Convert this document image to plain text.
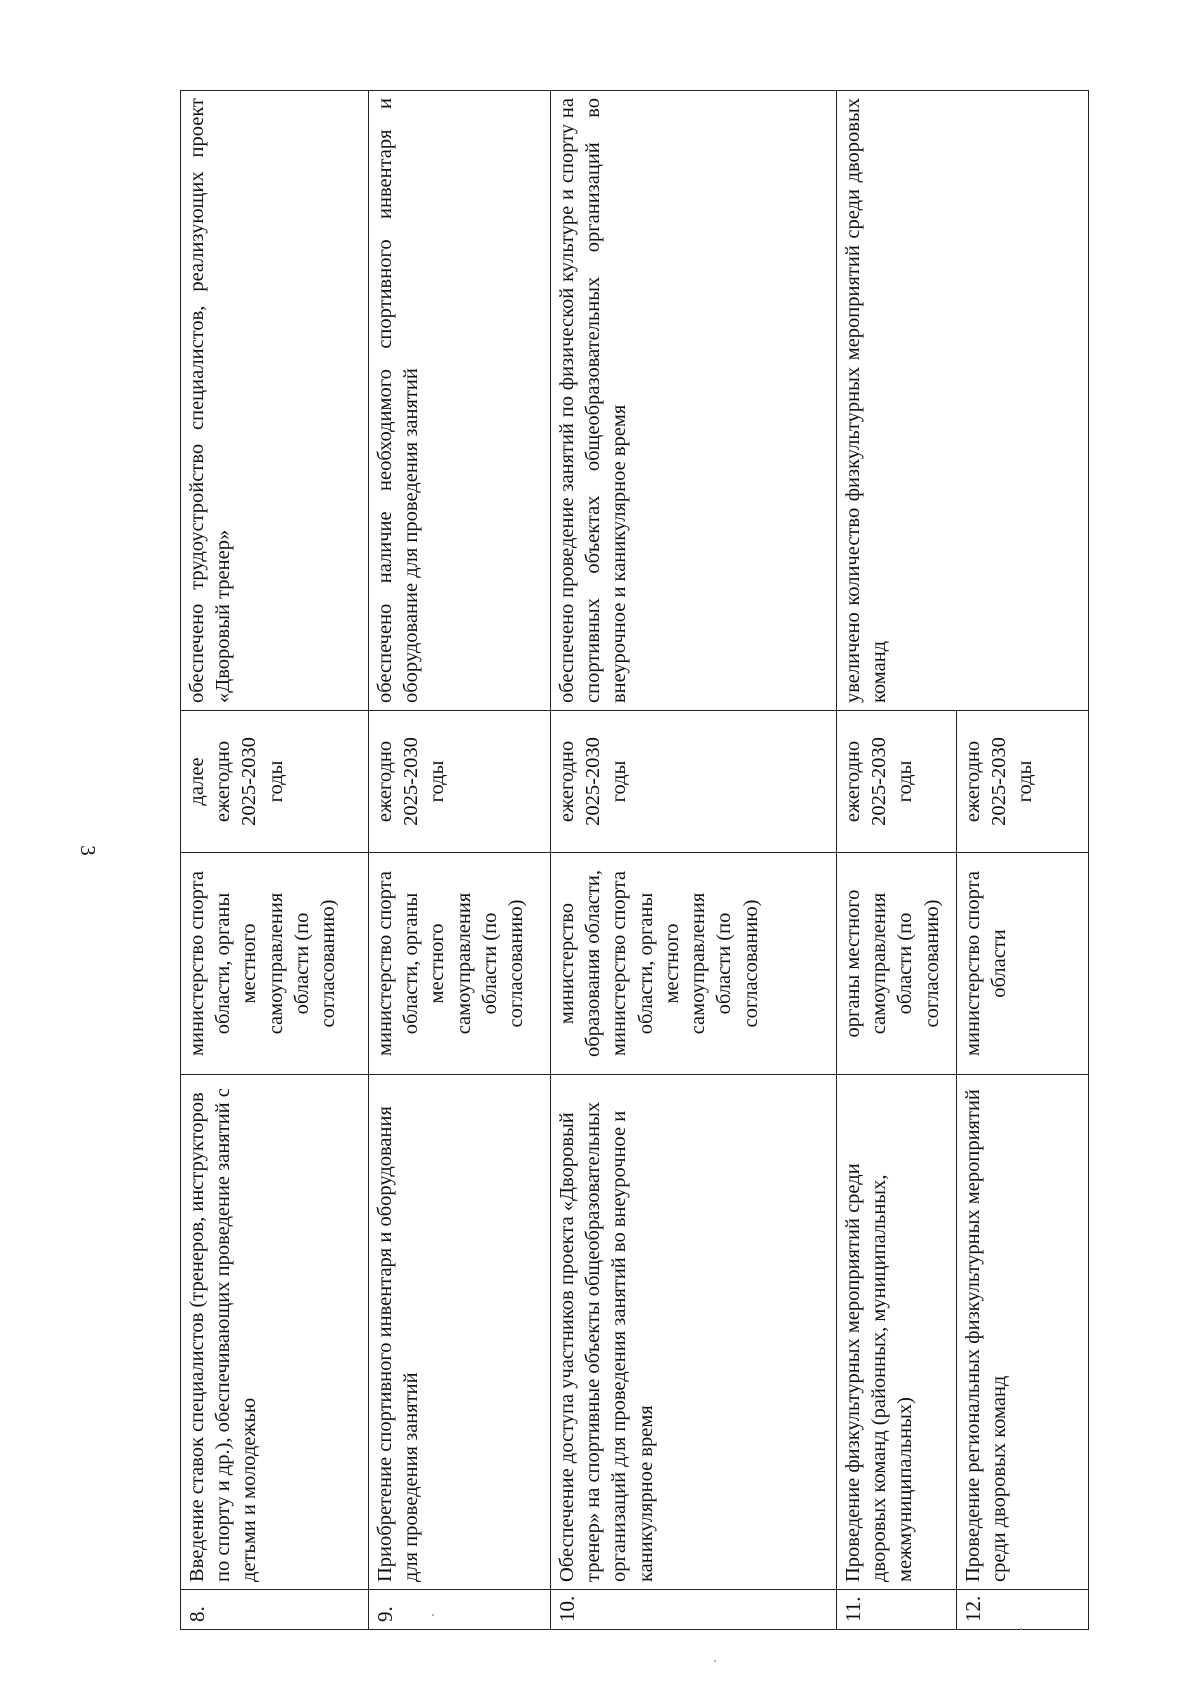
3
8.	Введение ставок специалистов (тренеров, инструкторов по спорту и др.), обеспечивающих проведение занятий с детьми и молодежью	министерство спорта области, органы местного самоуправления области (по согласованию)	далее ежегодно 2025-2030 годы	обеспечено трудоустройство специалистов, реализующих проект «Дворовый тренер»
9.	Приобретение спортивного инвентаря и оборудования для проведения занятий	министерство спорта области, органы местного самоуправления области (по согласованию)	ежегодно 2025-2030 годы	обеспечено наличие необходимого спортивного инвентаря и оборудование для проведения занятий
10.	Обеспечение доступа участников проекта «Дворовый тренер» на спортивные объекты общеобразовательных организаций для проведения занятий во внеурочное и каникулярное время	министерство образования области, министерство спорта области, органы местного самоуправления области (по согласованию)	ежегодно 2025-2030 годы	обеспечено проведение занятий по физической культуре и спорту на спортивных объектах общеобразовательных организаций во внеурочное и каникулярное время
11.	Проведение физкультурных мероприятий среди дворовых команд (районных, муниципальных, межмуниципальных)	органы местного самоуправления области (по согласованию)	ежегодно 2025-2030 годы	увеличено количество физкультурных мероприятий среди дворовых команд
12.	Проведение региональных физкультурных мероприятий среди дворовых команд	министерство спорта области	ежегодно 2025-2030 годы	
